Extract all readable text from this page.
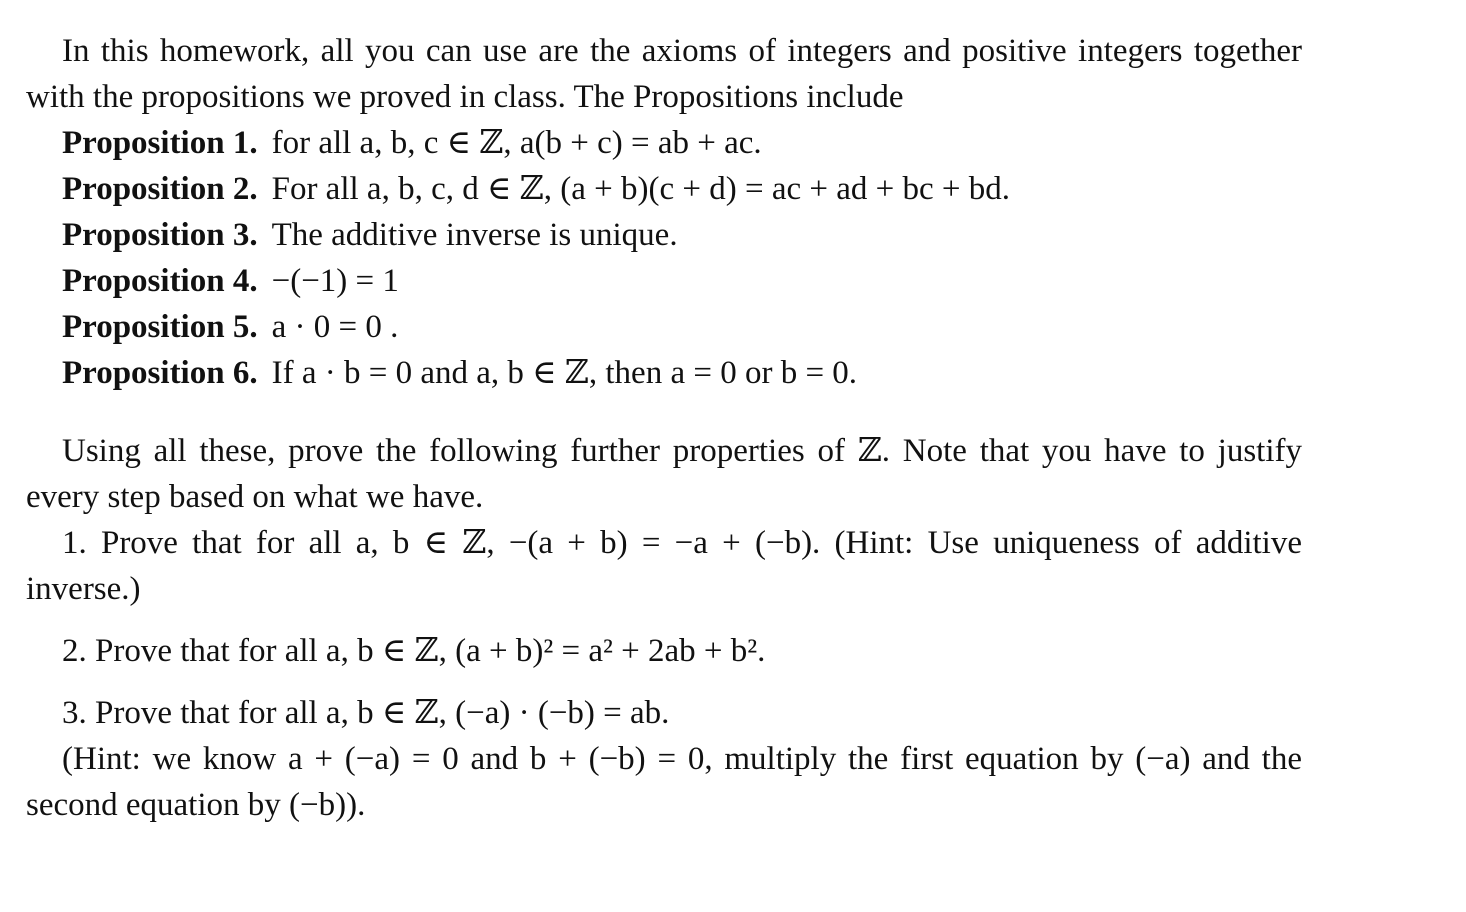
In this homework, all you can use are the axioms of integers and positive integers together with the propositions we proved in class. The Propositions include

Proposition 1. for all a, b, c ∈ ℤ, a(b + c) = ab + ac.
Proposition 2. For all a, b, c, d ∈ ℤ, (a + b)(c + d) = ac + ad + bc + bd.
Proposition 3. The additive inverse is unique.
Proposition 4. −(−1) = 1
Proposition 5. a · 0 = 0 .
Proposition 6. If a · b = 0 and a, b ∈ ℤ, then a = 0 or b = 0.

Using all these, prove the following further properties of ℤ. Note that you have to justify every step based on what we have.

1. Prove that for all a, b ∈ ℤ, −(a + b) = −a + (−b). (Hint: Use uniqueness of additive inverse.)

2. Prove that for all a, b ∈ ℤ, (a + b)² = a² + 2ab + b².

3. Prove that for all a, b ∈ ℤ, (−a) · (−b) = ab.

(Hint: we know a + (−a) = 0 and b + (−b) = 0, multiply the first equation by (−a) and the second equation by (−b)).
